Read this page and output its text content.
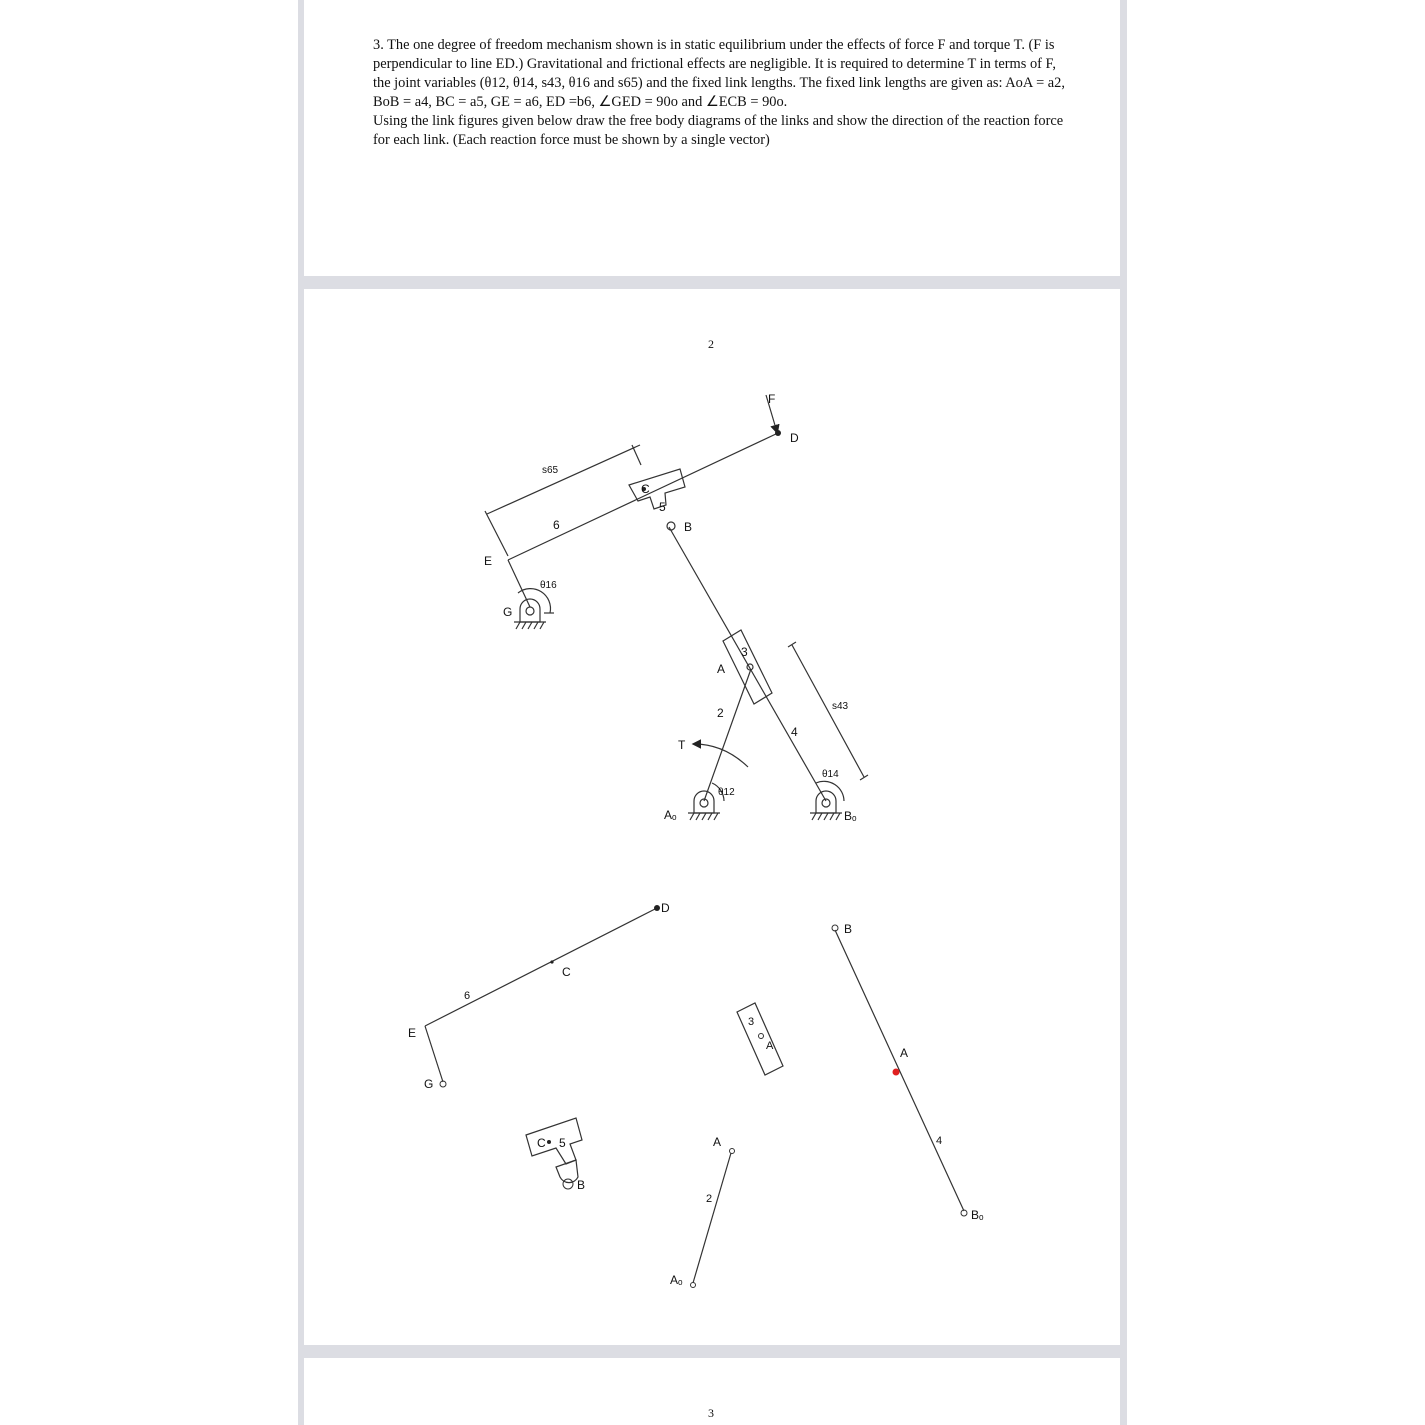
3. The one degree of freedom mechanism shown is in static equilibrium under the effects of force F and torque T. (F is perpendicular to line ED.) Gravitational and frictional effects are negligible. It is required to determine T in terms of F, the joint variables (θ12, θ14, s43, θ16 and s65) and the fixed link lengths. The fixed link lengths are given as: AoA = a2, BoB = a4, BC = a5, GE = a6, ED =b6, ∠GED = 90o and ∠ECB = 90o.

Using the link figures given below draw the free body diagrams of the links and show the direction of the reaction force for each link. (Each reaction force must be shown by a single vector)

2
F
D
C
5
B
6
E
G
θ16
s65
3
A
2
4
T
θ12
θ14
s43
Aₒ	Bₒ
D
C
6
E
G
3
A
B
A
4
Bₒ
C 5
B
A
2
Aₒ
3
